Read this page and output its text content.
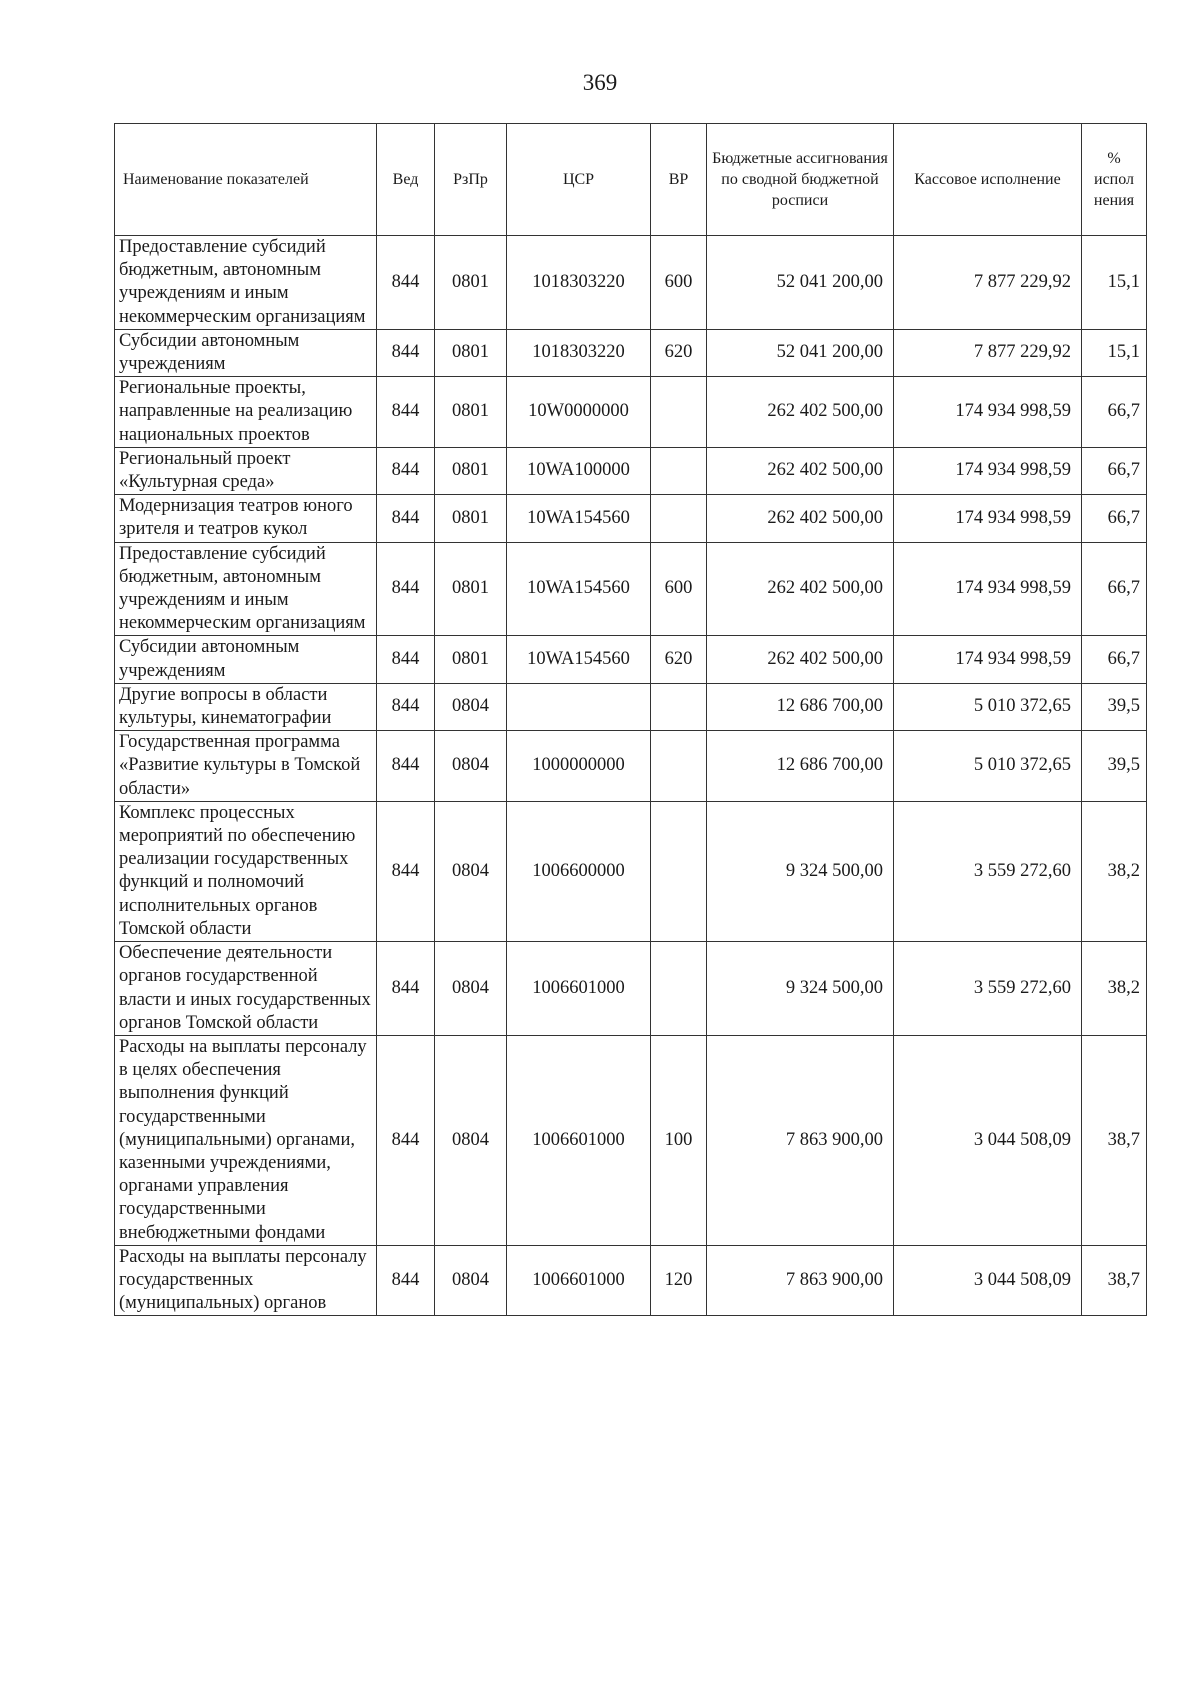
369
Наименование показателей	Вед	РзПр	ЦСР	ВР	Бюджетные ассигнования по сводной бюджетной росписи	Кассовое исполнение	% испол нения
Предоставление субсидий бюджетным, автономным учреждениям и иным некоммерческим организациям	844	0801	1018303220	600	52 041 200,00	7 877 229,92	15,1
Субсидии автономным учреждениям	844	0801	1018303220	620	52 041 200,00	7 877 229,92	15,1
Региональные проекты, направленные на реализацию национальных проектов	844	0801	10W0000000		262 402 500,00	174 934 998,59	66,7
Региональный проект «Культурная среда»	844	0801	10WA100000		262 402 500,00	174 934 998,59	66,7
Модернизация театров юного зрителя и театров кукол	844	0801	10WA154560		262 402 500,00	174 934 998,59	66,7
Предоставление субсидий бюджетным, автономным учреждениям и иным некоммерческим организациям	844	0801	10WA154560	600	262 402 500,00	174 934 998,59	66,7
Субсидии автономным учреждениям	844	0801	10WA154560	620	262 402 500,00	174 934 998,59	66,7
Другие вопросы в области культуры, кинематографии	844	0804			12 686 700,00	5 010 372,65	39,5
Государственная программа «Развитие культуры в Томской области»	844	0804	1000000000		12 686 700,00	5 010 372,65	39,5
Комплекс процессных мероприятий по обеспечению реализации государственных функций и полномочий исполнительных органов Томской области	844	0804	1006600000		9 324 500,00	3 559 272,60	38,2
Обеспечение деятельности органов государственной власти и иных государственных органов Томской области	844	0804	1006601000		9 324 500,00	3 559 272,60	38,2
Расходы на выплаты персоналу в целях обеспечения выполнения функций государственными (муниципальными) органами, казенными учреждениями, органами управления государственными внебюджетными фондами	844	0804	1006601000	100	7 863 900,00	3 044 508,09	38,7
Расходы на выплаты персоналу государственных (муниципальных) органов	844	0804	1006601000	120	7 863 900,00	3 044 508,09	38,7
